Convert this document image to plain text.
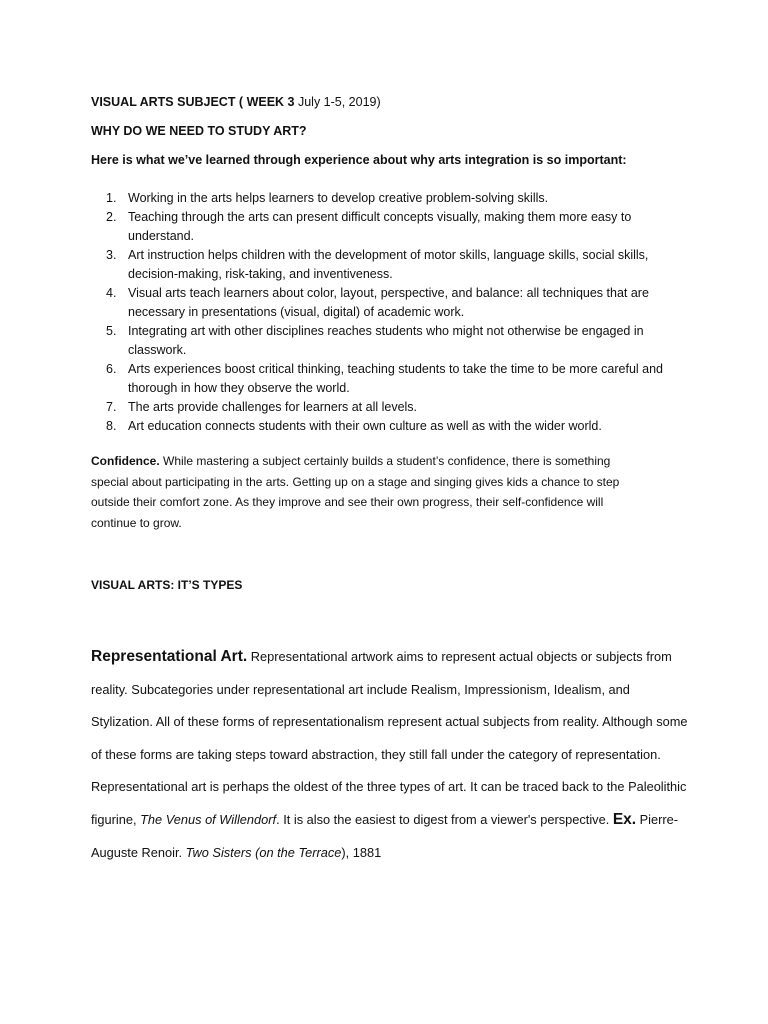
VISUAL ARTS SUBJECT ( WEEK 3 July 1-5, 2019)

WHY DO WE NEED TO STUDY ART?

Here is what we’ve learned through experience about why arts integration is so important:

1. Working in the arts helps learners to develop creative problem-solving skills.
2. Teaching through the arts can present difficult concepts visually, making them more easy to understand.
3. Art instruction helps children with the development of motor skills, language skills, social skills, decision-making, risk-taking, and inventiveness.
4. Visual arts teach learners about color, layout, perspective, and balance: all techniques that are necessary in presentations (visual, digital) of academic work.
5. Integrating art with other disciplines reaches students who might not otherwise be engaged in classwork.
6. Arts experiences boost critical thinking, teaching students to take the time to be more careful and thorough in how they observe the world.
7. The arts provide challenges for learners at all levels.
8. Art education connects students with their own culture as well as with the wider world.

Confidence. While mastering a subject certainly builds a student’s confidence, there is something special about participating in the arts. Getting up on a stage and singing gives kids a chance to step outside their comfort zone. As they improve and see their own progress, their self-confidence will continue to grow.

VISUAL ARTS: IT’S TYPES

Representational Art. Representational artwork aims to represent actual objects or subjects from reality. Subcategories under representational art include Realism, Impressionism, Idealism, and Stylization. All of these forms of representationalism represent actual subjects from reality. Although some of these forms are taking steps toward abstraction, they still fall under the category of representation. Representational art is perhaps the oldest of the three types of art. It can be traced back to the Paleolithic figurine, The Venus of Willendorf. It is also the easiest to digest from a viewer's perspective. Ex. Pierre-Auguste Renoir. Two Sisters (on the Terrace), 1881
